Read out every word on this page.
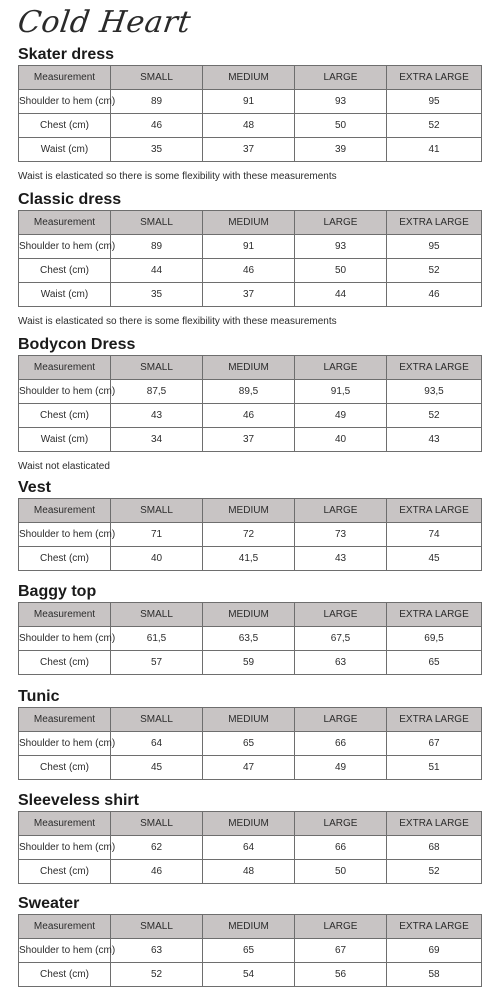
Cold Heart
Skater dress
Measurement	SMALL	MEDIUM	LARGE	EXTRA LARGE
Shoulder to hem (cm)	89	91	93	95
Chest (cm)	46	48	50	52
Waist (cm)	35	37	39	41
Waist is elasticated so there is some flexibility with these measurements
Classic dress
Measurement	SMALL	MEDIUM	LARGE	EXTRA LARGE
Shoulder to hem (cm)	89	91	93	95
Chest (cm)	44	46	50	52
Waist (cm)	35	37	44	46
Waist is elasticated so there is some flexibility with these measurements
Bodycon Dress
Measurement	SMALL	MEDIUM	LARGE	EXTRA LARGE
Shoulder to hem (cm)	87,5	89,5	91,5	93,5
Chest (cm)	43	46	49	52
Waist (cm)	34	37	40	43
Waist not elasticated
Vest
Measurement	SMALL	MEDIUM	LARGE	EXTRA LARGE
Shoulder to hem (cm)	71	72	73	74
Chest (cm)	40	41,5	43	45
Baggy top
Measurement	SMALL	MEDIUM	LARGE	EXTRA LARGE
Shoulder to hem (cm)	61,5	63,5	67,5	69,5
Chest (cm)	57	59	63	65
Tunic
Measurement	SMALL	MEDIUM	LARGE	EXTRA LARGE
Shoulder to hem (cm)	64	65	66	67
Chest (cm)	45	47	49	51
Sleeveless shirt
Measurement	SMALL	MEDIUM	LARGE	EXTRA LARGE
Shoulder to hem (cm)	62	64	66	68
Chest (cm)	46	48	50	52
Sweater
Measurement	SMALL	MEDIUM	LARGE	EXTRA LARGE
Shoulder to hem (cm)	63	65	67	69
Chest (cm)	52	54	56	58
